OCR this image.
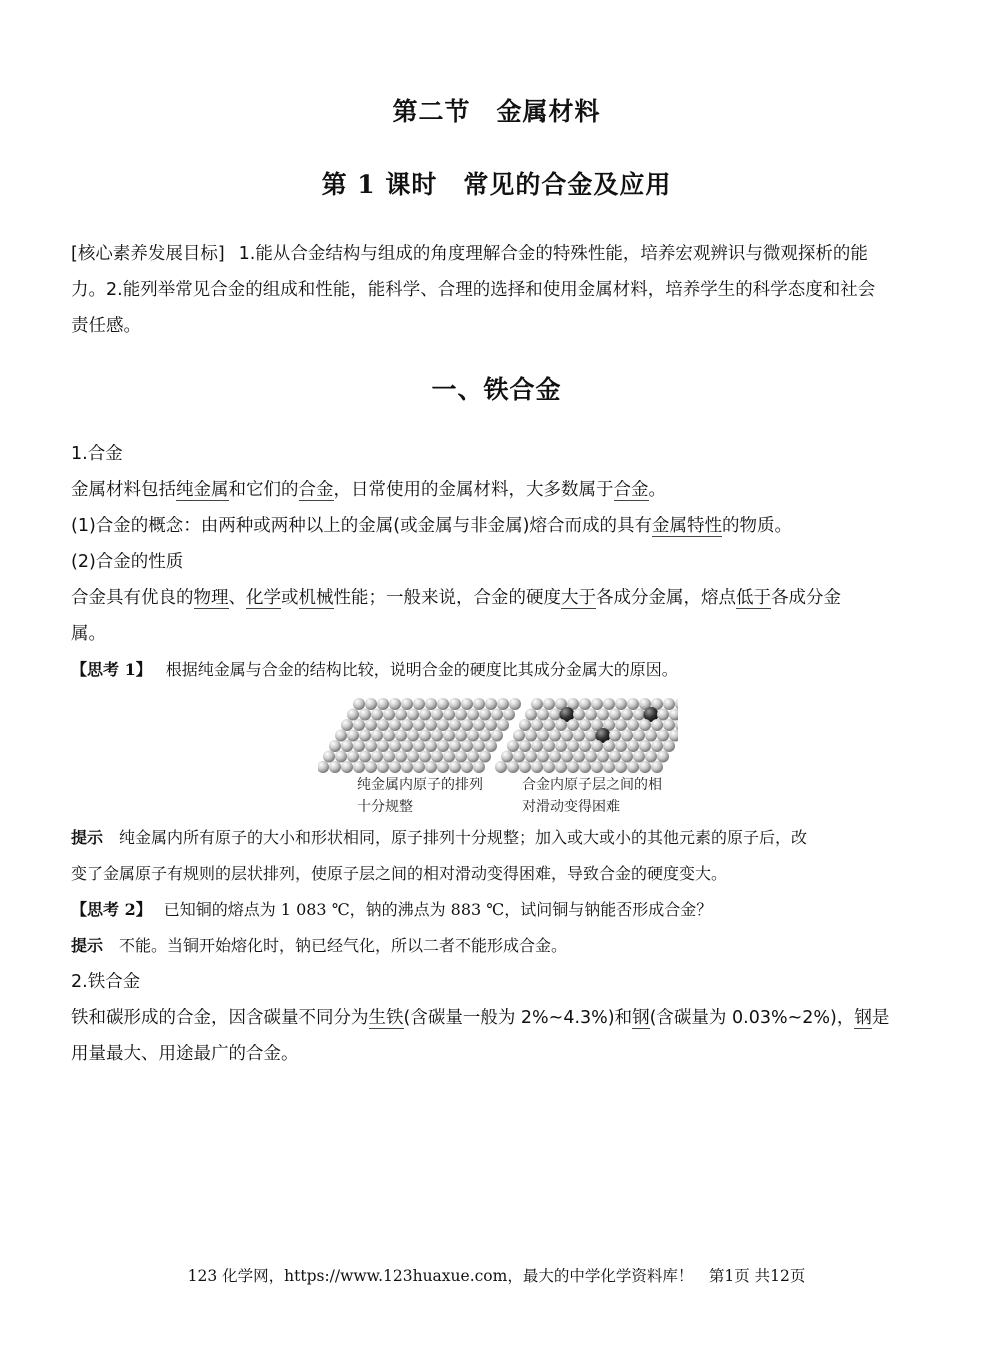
第二节　金属材料
第 1 课时　常见的合金及应用
[核心素养发展目标] 1.能从合金结构与组成的角度理解合金的特殊性能，培养宏观辨识与微观探析的能
力。2.能列举常见合金的组成和性能，能科学、合理的选择和使用金属材料，培养学生的科学态度和社会
责任感。
一、铁合金
1.合金
金属材料包括纯金属和它们的合金，日常使用的金属材料，大多数属于合金。
(1)合金的概念：由两种或两种以上的金属(或金属与非金属)熔合而成的具有金属特性的物质。
(2)合金的性质
合金具有优良的物理、化学或机械性能；一般来说，合金的硬度大于各成分金属，熔点低于各成分金
属。
【思考 1】 根据纯金属与合金的结构比较，说明合金的硬度比其成分金属大的原因。
纯金属内原子的排列
十分规整
合金内原子层之间的相
对滑动变得困难
提示 纯金属内所有原子的大小和形状相同，原子排列十分规整；加入或大或小的其他元素的原子后，改
变了金属原子有规则的层状排列，使原子层之间的相对滑动变得困难，导致合金的硬度变大。
【思考 2】 已知铜的熔点为 1 083 ℃，钠的沸点为 883 ℃，试问铜与钠能否形成合金？
提示 不能。当铜开始熔化时，钠已经气化，所以二者不能形成合金。
2.铁合金
铁和碳形成的合金，因含碳量不同分为生铁(含碳量一般为 2%~4.3%)和钢(含碳量为 0.03%~2%)，钢是
用量最大、用途最广的合金。
123 化学网，https://www.123huaxue.com，最大的中学化学资料库！　第1页 共12页
